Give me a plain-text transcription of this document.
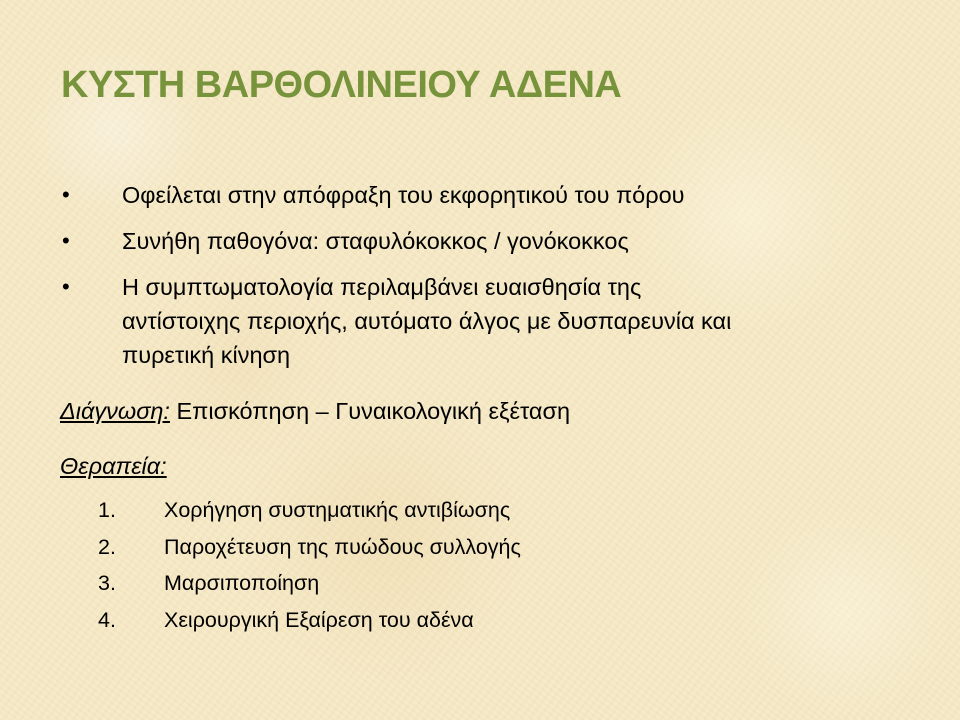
ΚΥΣΤΗ ΒΑΡΘΟΛΙΝΕΙΟΥ ΑΔΕΝΑ
• Οφείλεται στην απόφραξη του εκφορητικού του πόρου
• Συνήθη παθογόνα: σταφυλόκοκκος / γονόκοκκος
• Η συμπτωματολογία περιλαμβάνει ευαισθησία της
αντίστοιχης περιοχής, αυτόματο άλγος με δυσπαρευνία και
πυρετική κίνηση
Διάγνωση: Επισκόπηση – Γυναικολογική εξέταση
Θεραπεία:
1. Χορήγηση συστηματικής αντιβίωσης
2. Παροχέτευση της πυώδους συλλογής
3. Μαρσιποποίηση
4. Χειρουργική Εξαίρεση του αδένα
